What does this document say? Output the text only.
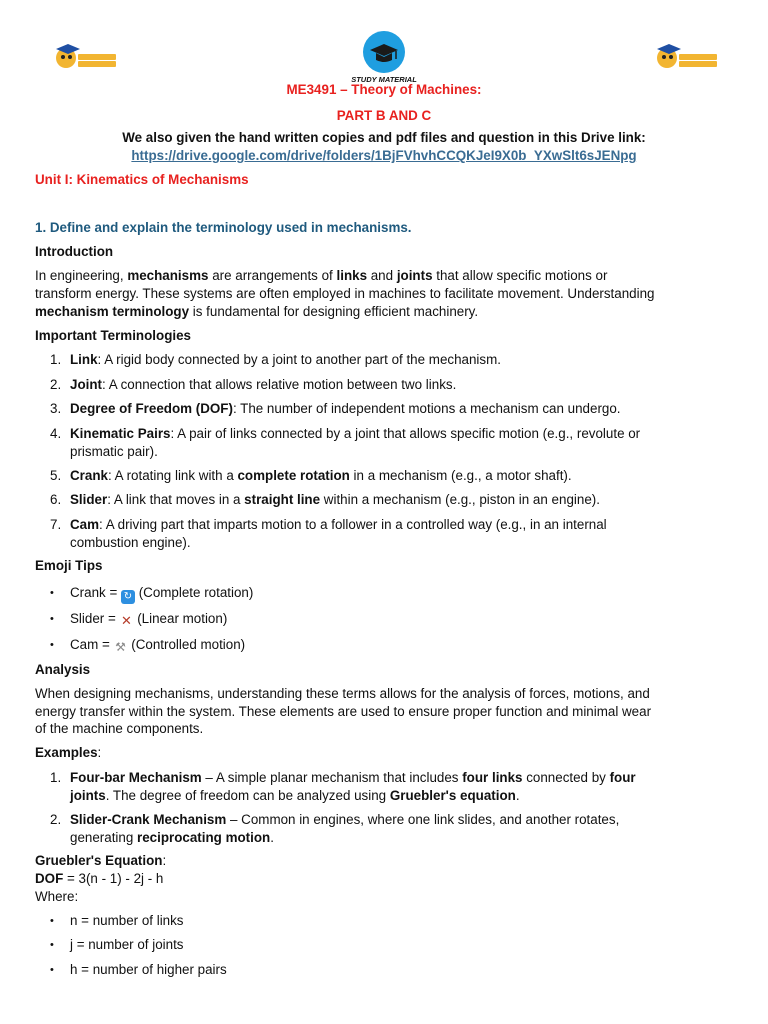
STUDY MATERIAL
ME3491 – Theory of Machines:
PART B AND C
We also given the hand written copies and pdf files and question in this Drive link:
https://drive.google.com/drive/folders/1BjFVhvhCCQKJeI9X0b_YXwSlt6sJENpg
Unit I: Kinematics of Mechanisms
1. Define and explain the terminology used in mechanisms.
Introduction
In engineering, mechanisms are arrangements of links and joints that allow specific motions or
transform energy. These systems are often employed in machines to facilitate movement. Understanding
mechanism terminology is fundamental for designing efficient machinery.
Important Terminologies
1. Link: A rigid body connected by a joint to another part of the mechanism.
2. Joint: A connection that allows relative motion between two links.
3. Degree of Freedom (DOF): The number of independent motions a mechanism can undergo.
4. Kinematic Pairs: A pair of links connected by a joint that allows specific motion (e.g., revolute or
prismatic pair).
5. Crank: A rotating link with a complete rotation in a mechanism (e.g., a motor shaft).
6. Slider: A link that moves in a straight line within a mechanism (e.g., piston in an engine).
7. Cam: A driving part that imparts motion to a follower in a controlled way (e.g., in an internal
combustion engine).
Emoji Tips
• Crank = ↻ (Complete rotation)
• Slider = ✕ (Linear motion)
• Cam = ⚒ (Controlled motion)
Analysis
When designing mechanisms, understanding these terms allows for the analysis of forces, motions, and
energy transfer within the system. These elements are used to ensure proper function and minimal wear
of the machine components.
Examples:
1. Four-bar Mechanism – A simple planar mechanism that includes four links connected by four
joints. The degree of freedom can be analyzed using Gruebler's equation.
2. Slider-Crank Mechanism – Common in engines, where one link slides, and another rotates,
generating reciprocating motion.
Gruebler's Equation:
DOF = 3(n - 1) - 2j - h
Where:
• n = number of links
• j = number of joints
• h = number of higher pairs
